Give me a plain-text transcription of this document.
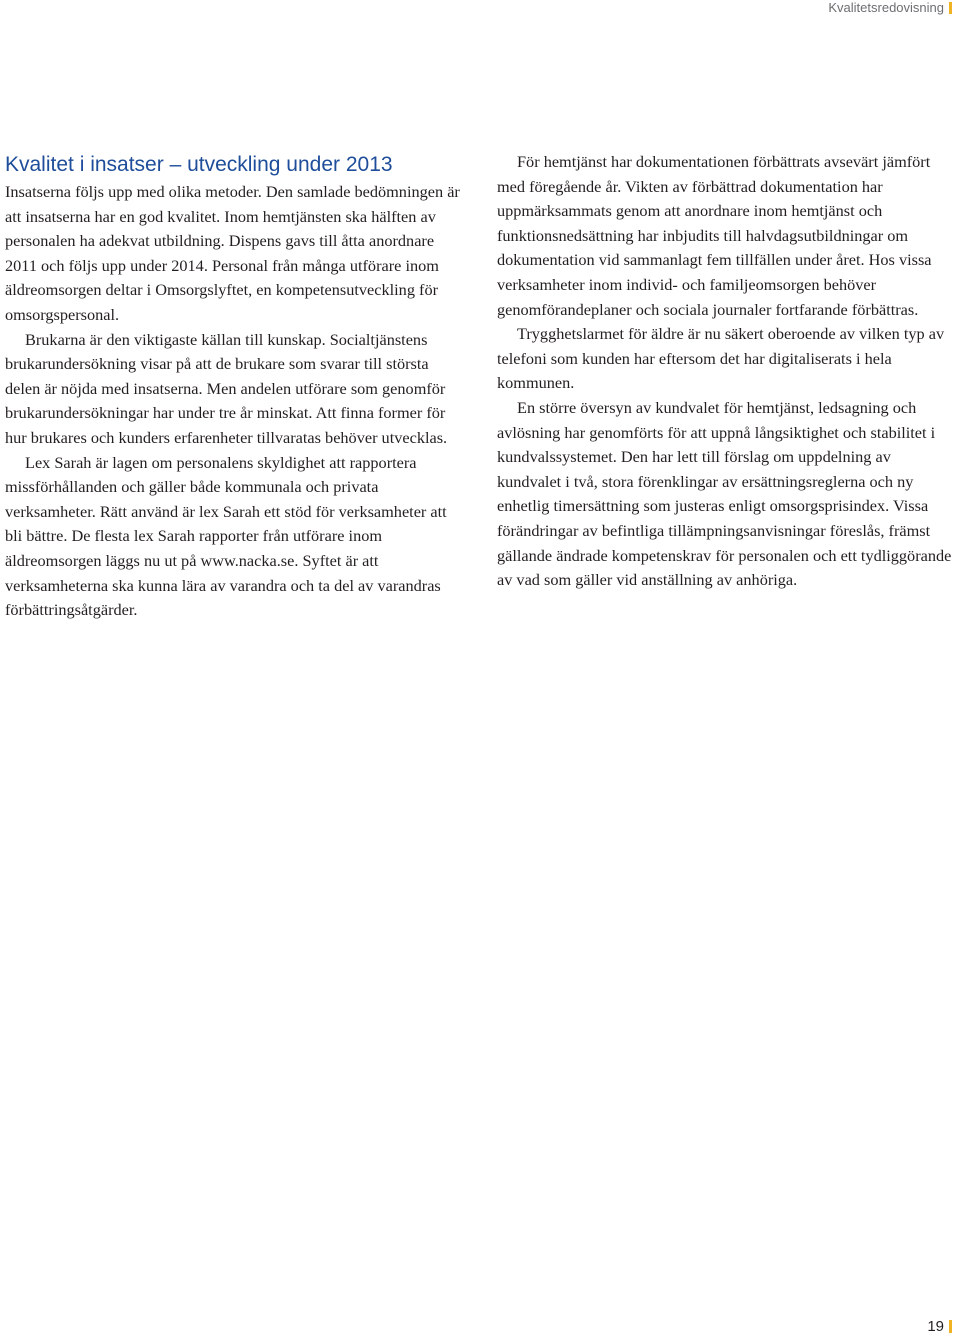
Kvalitetsredovisning
Kvalitet i insatser – utveckling under 2013

Insatserna följs upp med olika metoder. Den samlade bedömningen är att insatserna har en god kvalitet. Inom hemtjänsten ska hälften av personalen ha adekvat utbildning. Dispens gavs till åtta anordnare 2011 och följs upp under 2014. Personal från många utförare inom äldreomsorgen deltar i Omsorgslyftet, en kompetensutveckling för omsorgspersonal.

Brukarna är den viktigaste källan till kunskap. Socialtjänstens brukarundersökning visar på att de brukare som svarar till största delen är nöjda med insatserna. Men andelen utförare som genomför brukarundersökningar har under tre år minskat. Att finna former för hur brukares och kunders erfarenheter tillvaratas behöver utvecklas.

Lex Sarah är lagen om personalens skyldighet att rapportera missförhållanden och gäller både kommunala och privata verksamheter. Rätt använd är lex Sarah ett stöd för verksamheter att bli bättre. De flesta lex Sarah rapporter från utförare inom äldreomsorgen läggs nu ut på www.nacka.se. Syftet är att verksamheterna ska kunna lära av varandra och ta del av varandras förbättringsåtgärder.

För hemtjänst har dokumentationen förbättrats avsevärt jämfört med föregående år. Vikten av förbättrad dokumentation har uppmärksammats genom att anordnare inom hemtjänst och funktionsnedsättning har inbjudits till halvdagsutbildningar om dokumentation vid sammanlagt fem tillfällen under året. Hos vissa verksamheter inom individ- och familjeomsorgen behöver genomförandeplaner och sociala journaler fortfarande förbättras.

Trygghetslarmet för äldre är nu säkert oberoende av vilken typ av telefoni som kunden har eftersom det har digitaliserats i hela kommunen.

En större översyn av kundvalet för hemtjänst, ledsagning och avlösning har genomförts för att uppnå långsiktighet och stabilitet i kundvalssystemet. Den har lett till förslag om uppdelning av kundvalet i två, stora förenklingar av ersättningsreglerna och ny enhetlig timersättning som justeras enligt omsorgsprisindex. Vissa förändringar av befintliga tillämpningsanvisningar föreslås, främst gällande ändrade kompetenskrav för personalen och ett tydliggörande av vad som gäller vid anställning av anhöriga.

19
